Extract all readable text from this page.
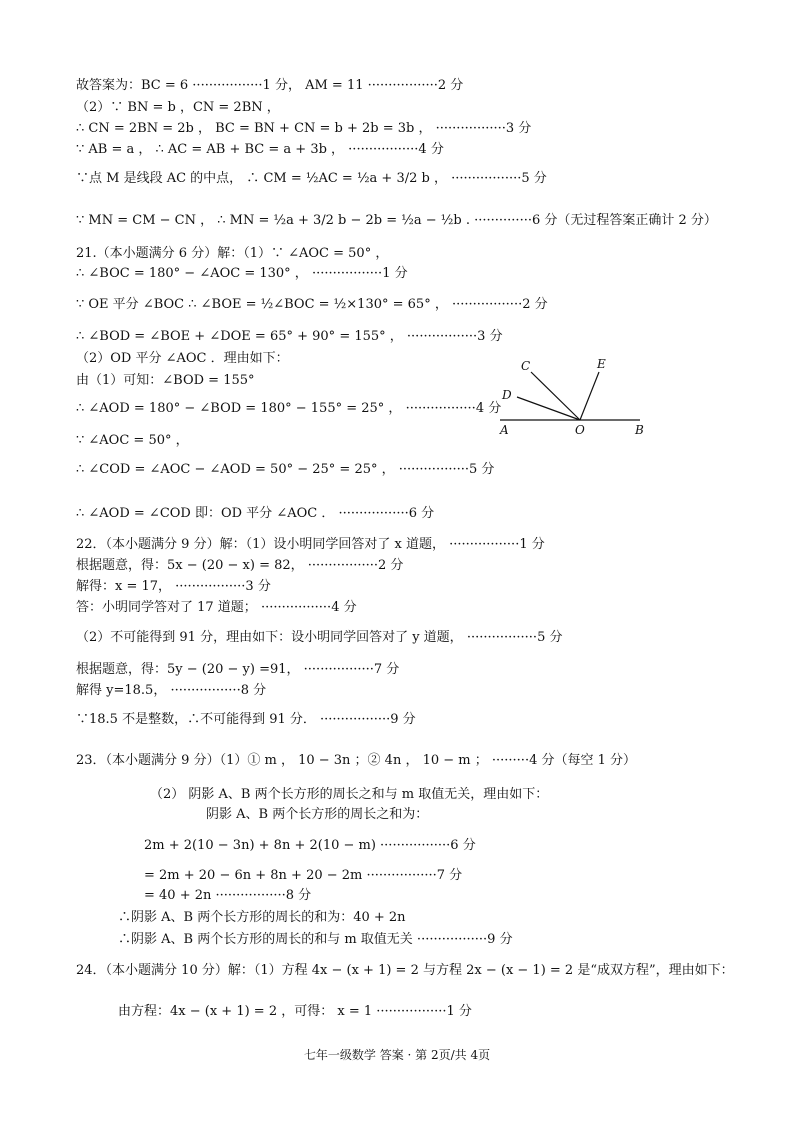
故答案为：BC = 6 ·················1 分， AM = 11 ·················2 分
（2）∵ BN = b ，CN = 2BN ，
∴ CN = 2BN = 2b ， BC = BN + CN = b + 2b = 3b ， ·················3 分
∵ AB = a ， ∴ AC = AB + BC = a + 3b ， ·················4 分
∵点 M 是线段 AC 的中点， ∴ CM = ½AC = ½a + 3/2 b ， ·················5 分
∵ MN = CM − CN ， ∴ MN = ½a + 3/2 b − 2b = ½a − ½b . ··············6 分（无过程答案正确计 2 分）
21.（本小题满分 6 分）解：（1）∵ ∠AOC = 50° ，
∴ ∠BOC = 180° − ∠AOC = 130° ， ·················1 分
∵ OE 平分 ∠BOC ∴ ∠BOE = ½∠BOC = ½×130° = 65° ， ·················2 分
∴ ∠BOD = ∠BOE + ∠DOE = 65° + 90° = 155° ， ·················3 分
（2）OD 平分 ∠AOC ．理由如下：
由（1）可知：∠BOD = 155°
∴ ∠AOD = 180° − ∠BOD = 180° − 155° = 25° ， ·················4 分
∵ ∠AOC = 50° ，
∴ ∠COD = ∠AOC − ∠AOD = 50° − 25° = 25° ， ·················5 分
∴ ∠AOD = ∠COD 即：OD 平分 ∠AOC ． ·················6 分
22．（本小题满分 9 分）解：（1）设小明同学回答对了 x 道题， ·················1 分
根据题意，得：5x − (20 − x) = 82， ·················2 分
解得：x = 17， ·················3 分
答：小明同学答对了 17 道题； ·················4 分
（2）不可能得到 91 分，理由如下：设小明同学回答对了 y 道题， ·················5 分
根据题意，得：5y − (20 − y) =91， ·················7 分
解得 y=18.5， ·················8 分
∵18.5 不是整数，∴不可能得到 91 分． ·················9 分
23．（本小题满分 9 分）（1）① m ， 10 − 3n ；② 4n ， 10 − m ； ·········4 分（每空 1 分）
（2） 阴影 A、B 两个长方形的周长之和与 m 取值无关，理由如下：
阴影 A、B 两个长方形的周长之和为：
2m + 2(10 − 3n) + 8n + 2(10 − m) ·················6 分
= 2m + 20 − 6n + 8n + 20 − 2m ·················7 分
= 40 + 2n ·················8 分
∴阴影 A、B 两个长方形的周长的和为：40 + 2n
∴阴影 A、B 两个长方形的周长的和与 m 取值无关 ·················9 分
24．（本小题满分 10 分）解：（1）方程 4x − (x + 1) = 2 与方程 2x − (x − 1) = 2 是“成双方程”，理由如下：
由方程：4x − (x + 1) = 2 ，可得： x = 1 ·················1 分
C	E
D
A	O	B
七年一级数学 答案 · 第 2页/共 4页
